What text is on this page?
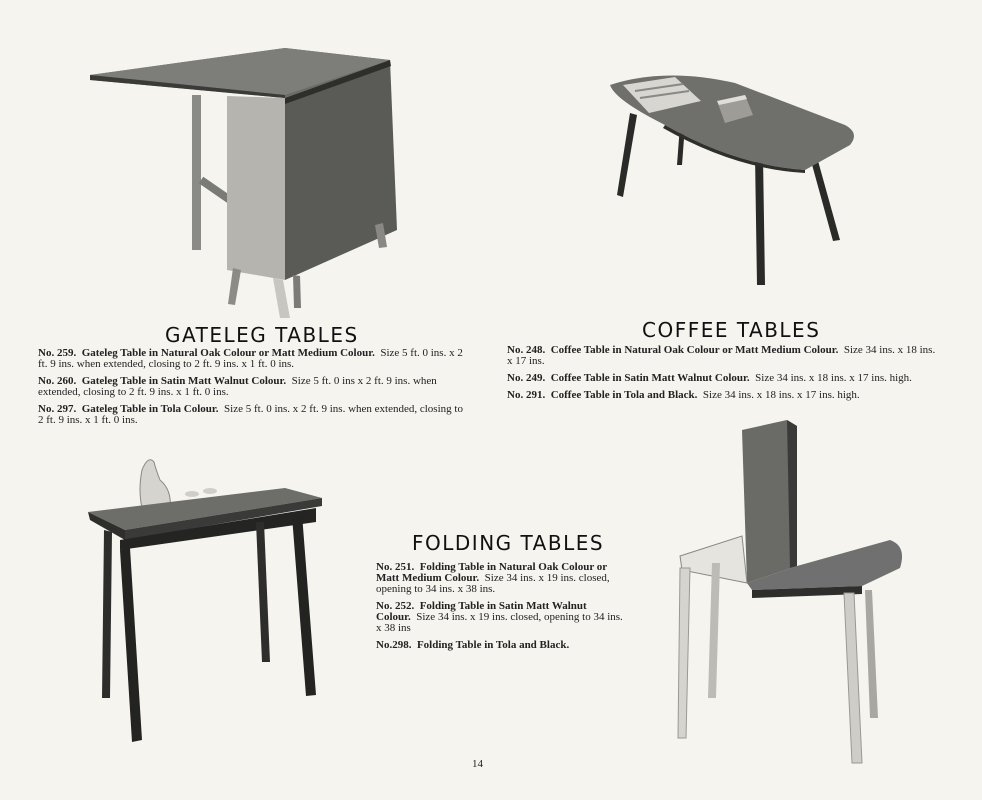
GATELEG TABLES

No. 259. Gateleg Table in Natural Oak Colour or Matt Medium Colour. Size 5 ft. 0 ins. x 2 ft. 9 ins. when extended, closing to 2 ft. 9 ins. x 1 ft. 0 ins.

No. 260. Gateleg Table in Satin Matt Walnut Colour. Size 5 ft. 0 ins x 2 ft. 9 ins. when extended, closing to 2 ft. 9 ins. x 1 ft. 0 ins.

No. 297. Gateleg Table in Tola Colour. Size 5 ft. 0 ins. x 2 ft. 9 ins. when extended, closing to 2 ft. 9 ins. x 1 ft. 0 ins.

COFFEE TABLES

No. 248. Coffee Table in Natural Oak Colour or Matt Medium Colour. Size 34 ins. x 18 ins. x 17 ins.

No. 249. Coffee Table in Satin Matt Walnut Colour. Size 34 ins. x 18 ins. x 17 ins. high.

No. 291. Coffee Table in Tola and Black. Size 34 ins. x 18 ins. x 17 ins. high.

FOLDING TABLES

No. 251. Folding Table in Natural Oak Colour or Matt Medium Colour. Size 34 ins. x 19 ins. closed, opening to 34 ins. x 38 ins.

No. 252. Folding Table in Satin Matt Walnut Colour. Size 34 ins. x 19 ins. closed, opening to 34 ins. x 38 ins

No.298. Folding Table in Tola and Black.

14
